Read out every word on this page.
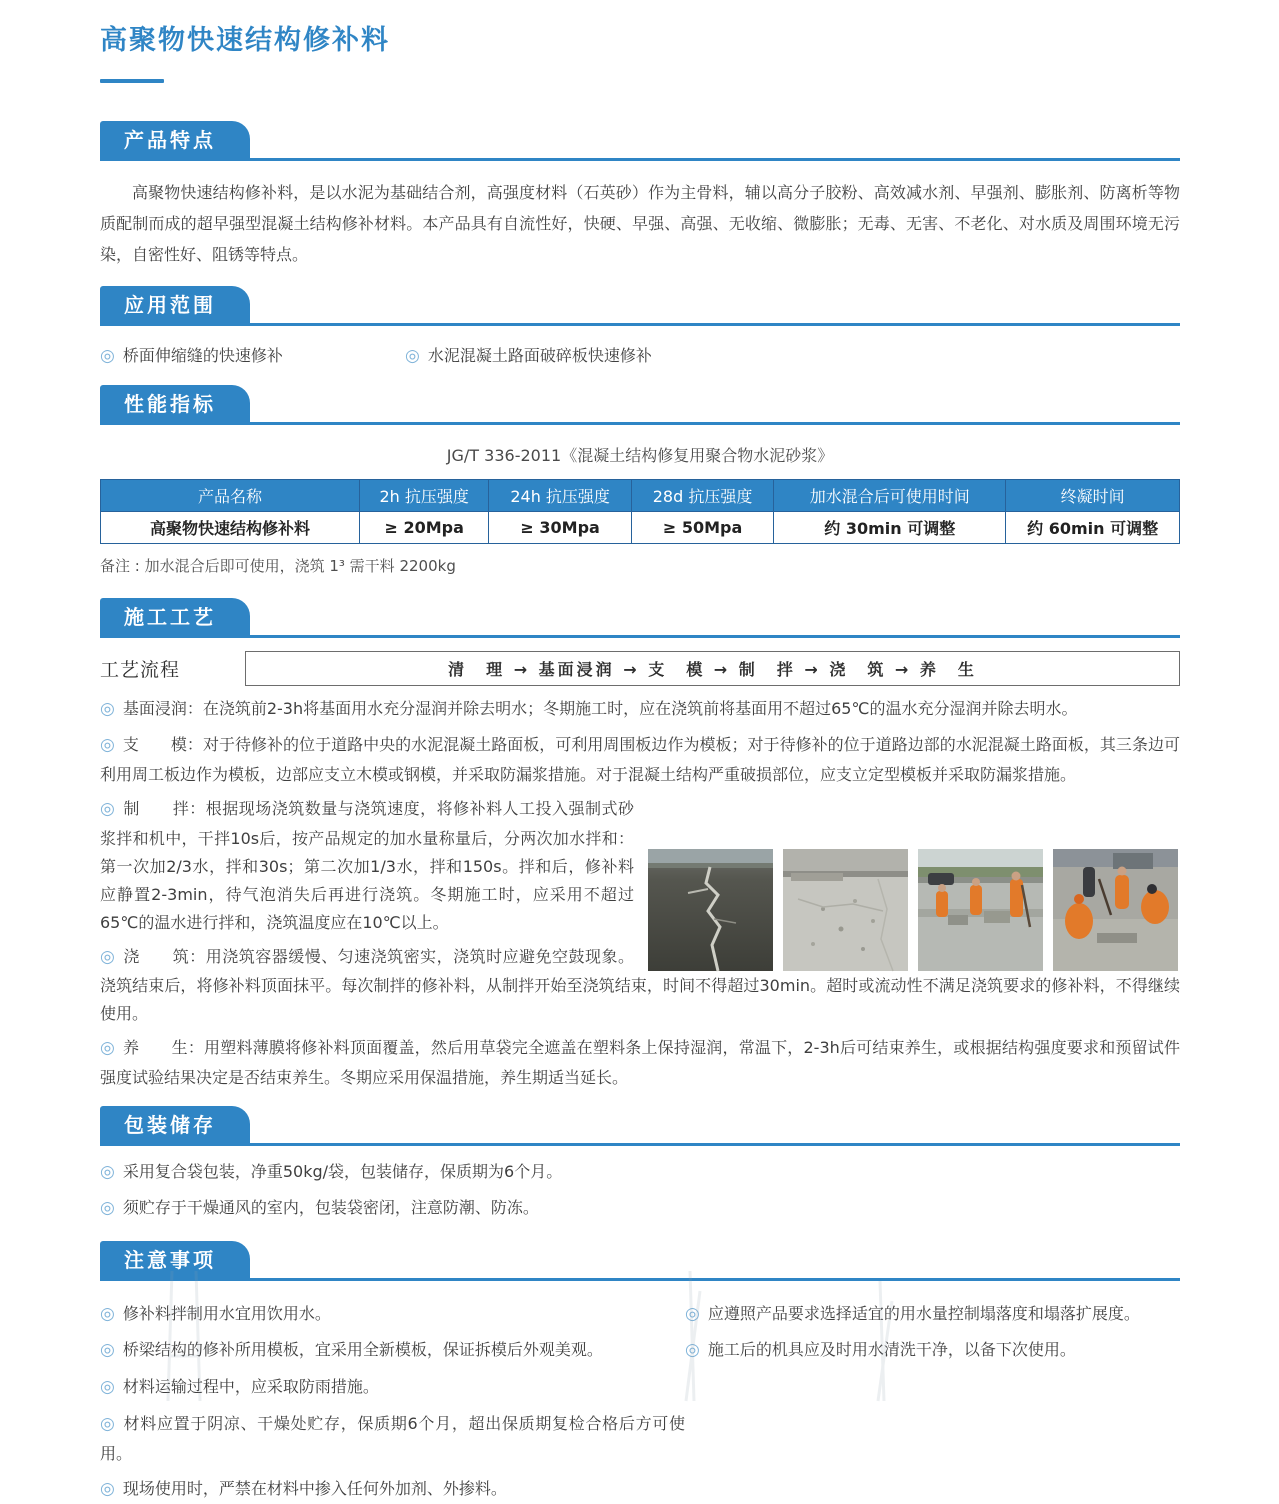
高聚物快速结构修补料
产品特点

高聚物快速结构修补料，是以水泥为基础结合剂，高强度材料（石英砂）作为主骨料，辅以高分子胶粉、高效减水剂、早强剂、膨胀剂、防离析等物质配制而成的超早强型混凝土结构修补材料。本产品具有自流性好，快硬、早强、高强、无收缩、微膨胀；无毒、无害、不老化、对水质及周围环境无污染，自密性好、阻锈等特点。

应用范围
◎ 桥面伸缩缝的快速修补	◎ 水泥混凝土路面破碎板快速修补
性能指标
JG/T 336-2011《混凝土结构修复用聚合物水泥砂浆》
产品名称	2h 抗压强度	24h 抗压强度	28d 抗压强度	加水混合后可使用时间	终凝时间
高聚物快速结构修补料	≥ 20Mpa	≥ 30Mpa	≥ 50Mpa	约 30min 可调整	约 60min 可调整
备注 : 加水混合后即可使用，浇筑 1³ 需干料 2200kg
施工工艺
工艺流程	清　理 → 基面浸润 → 支　模 → 制　拌 → 浇　筑 → 养　生
◎ 基面浸润：在浇筑前2-3h将基面用水充分湿润并除去明水；冬期施工时，应在浇筑前将基面用不超过65℃的温水充分湿润并除去明水。
◎ 支　　模：对于待修补的位于道路中央的水泥混凝土路面板，可利用周围板边作为模板；对于待修补的位于道路边部的水泥混凝土路面板，其三条边可利用周工板边作为模板，边部应支立木模或钢模，并采取防漏浆措施。对于混凝土结构严重破损部位，应支立定型模板并采取防漏浆措施。
◎ 制　　拌：根据现场浇筑数量与浇筑速度，将修补料人工投入强制式砂浆拌和机中，干拌10s后，按产品规定的加水量称量后，分两次加水拌和：第一次加2/3水，拌和30s；第二次加1/3水，拌和150s。拌和后，修补料应静置2-3min，待气泡消失后再进行浇筑。冬期施工时，应采用不超过65℃的温水进行拌和，浇筑温度应在10℃以上。
◎ 浇　　筑：用浇筑容器缓慢、匀速浇筑密实，浇筑时应避免空鼓现象。浇筑结束后，将修补料顶面抹平。每次制拌的修补料，从制拌开始至浇筑结束，时间不得超过30min。超时或流动性不满足浇筑要求的修补料，不得继续使用。
◎ 养　　生：用塑料薄膜将修补料顶面覆盖，然后用草袋完全遮盖在塑料条上保持湿润，常温下，2-3h后可结束养生，或根据结构强度要求和预留试件强度试验结果决定是否结束养生。冬期应采用保温措施，养生期适当延长。
包装储存
◎ 采用复合袋包装，净重50kg/袋，包装储存，保质期为6个月。
◎ 须贮存于干燥通风的室内，包装袋密闭，注意防潮、防冻。
注意事项
◎ 修补料拌制用水宜用饮用水。	◎ 应遵照产品要求选择适宜的用水量控制塌落度和塌落扩展度。
◎ 桥梁结构的修补所用模板，宜采用全新模板，保证拆模后外观美观。	◎ 施工后的机具应及时用水清洗干净，以备下次使用。
◎ 材料运输过程中，应采取防雨措施。
◎ 材料应置于阴凉、干燥处贮存，保质期6个月，超出保质期复检合格后方可使用。
◎ 现场使用时，严禁在材料中掺入任何外加剂、外掺料。
